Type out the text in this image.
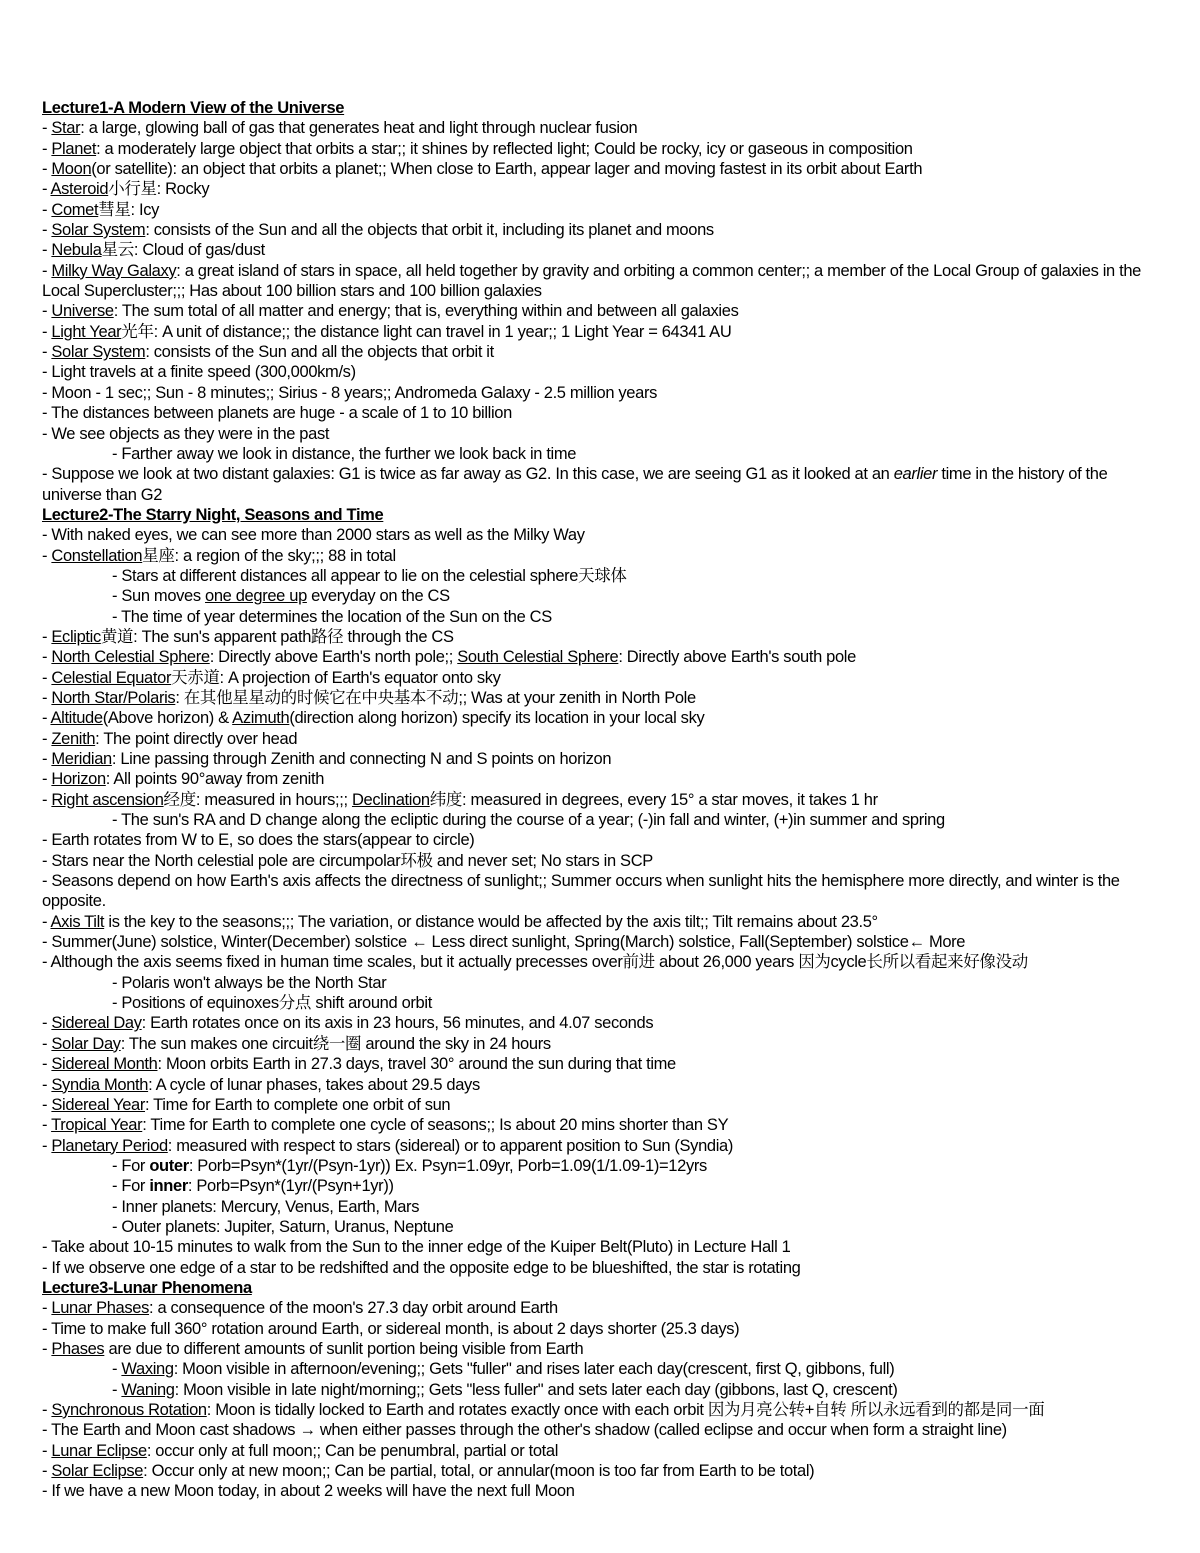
Lecture1-A Modern View of the Universe
- Star: a large, glowing ball of gas that generates heat and light through nuclear fusion
- Planet: a moderately large object that orbits a star;; it shines by reflected light; Could be rocky, icy or gaseous in composition
- Moon(or satellite): an object that orbits a planet;; When close to Earth, appear lager and moving fastest in its orbit about Earth
- Asteroid小行星: Rocky
- Comet彗星: Icy
- Solar System: consists of the Sun and all the objects that orbit it, including its planet and moons
- Nebula星云: Cloud of gas/dust
- Milky Way Galaxy: a great island of stars in space, all held together by gravity and orbiting a common center;; a member of the Local Group of galaxies in the Local Supercluster;;; Has about 100 billion stars and 100 billion galaxies
- Universe: The sum total of all matter and energy; that is, everything within and between all galaxies
- Light Year光年: A unit of distance;; the distance light can travel in 1 year;; 1 Light Year = 64341 AU
- Solar System: consists of the Sun and all the objects that orbit it
- Light travels at a finite speed (300,000km/s)
- Moon - 1 sec;; Sun - 8 minutes;; Sirius - 8 years;; Andromeda Galaxy - 2.5 million years
- The distances between planets are huge - a scale of 1 to 10 billion
- We see objects as they were in the past
- Farther away we look in distance, the further we look back in time
- Suppose we look at two distant galaxies: G1 is twice as far away as G2. In this case, we are seeing G1 as it looked at an earlier time in the history of the universe than G2
Lecture2-The Starry Night, Seasons and Time
- With naked eyes, we can see more than 2000 stars as well as the Milky Way
- Constellation星座: a region of the sky;;; 88 in total
- Stars at different distances all appear to lie on the celestial sphere天球体
- Sun moves one degree up everyday on the CS
- The time of year determines the location of the Sun on the CS
- Ecliptic黄道: The sun's apparent path路径 through the CS
- North Celestial Sphere: Directly above Earth's north pole;; South Celestial Sphere: Directly above Earth's south pole
- Celestial Equator天赤道: A projection of Earth's equator onto sky
- North Star/Polaris: 在其他星星动的时候它在中央基本不动;; Was at your zenith in North Pole
- Altitude(Above horizon) & Azimuth(direction along horizon) specify its location in your local sky
- Zenith: The point directly over head
- Meridian: Line passing through Zenith and connecting N and S points on horizon
- Horizon: All points 90°away from zenith
- Right ascension经度: measured in hours;;; Declination纬度: measured in degrees, every 15° a star moves, it takes 1 hr
- The sun's RA and D change along the ecliptic during the course of a year; (-)in fall and winter, (+)in summer and spring
- Earth rotates from W to E, so does the stars(appear to circle)
- Stars near the North celestial pole are circumpolar环极 and never set; No stars in SCP
- Seasons depend on how Earth's axis affects the directness of sunlight;; Summer occurs when sunlight hits the hemisphere more directly, and winter is the opposite.
- Axis Tilt is the key to the seasons;;; The variation, or distance would be affected by the axis tilt;; Tilt remains about 23.5°
- Summer(June) solstice, Winter(December) solstice ← Less direct sunlight, Spring(March) solstice, Fall(September) solstice← More
- Although the axis seems fixed in human time scales, but it actually precesses over前进 about 26,000 years 因为cycle长所以看起来好像没动
- Polaris won't always be the North Star
- Positions of equinoxes分点 shift around orbit
- Sidereal Day: Earth rotates once on its axis in 23 hours, 56 minutes, and 4.07 seconds
- Solar Day: The sun makes one circuit绕一圈 around the sky in 24 hours
- Sidereal Month: Moon orbits Earth in 27.3 days, travel 30° around the sun during that time
- Syndia Month: A cycle of lunar phases, takes about 29.5 days
- Sidereal Year: Time for Earth to complete one orbit of sun
- Tropical Year: Time for Earth to complete one cycle of seasons;; Is about 20 mins shorter than SY
- Planetary Period: measured with respect to stars (sidereal) or to apparent position to Sun (Syndia)
- For outer: Porb=Psyn*(1yr/(Psyn-1yr)) Ex. Psyn=1.09yr, Porb=1.09(1/1.09-1)=12yrs
- For inner: Porb=Psyn*(1yr/(Psyn+1yr))
- Inner planets: Mercury, Venus, Earth, Mars
- Outer planets: Jupiter, Saturn, Uranus, Neptune
- Take about 10-15 minutes to walk from the Sun to the inner edge of the Kuiper Belt(Pluto) in Lecture Hall 1
- If we observe one edge of a star to be redshifted and the opposite edge to be blueshifted, the star is rotating
Lecture3-Lunar Phenomena
- Lunar Phases: a consequence of the moon's 27.3 day orbit around Earth
- Time to make full 360° rotation around Earth, or sidereal month, is about 2 days shorter (25.3 days)
- Phases are due to different amounts of sunlit portion being visible from Earth
- Waxing: Moon visible in afternoon/evening;; Gets "fuller" and rises later each day(crescent, first Q, gibbons, full)
- Waning: Moon visible in late night/morning;; Gets "less fuller" and sets later each day (gibbons, last Q, crescent)
- Synchronous Rotation: Moon is tidally locked to Earth and rotates exactly once with each orbit 因为月亮公转+自转 所以永远看到的都是同一面
- The Earth and Moon cast shadows → when either passes through the other's shadow (called eclipse and occur when form a straight line)
- Lunar Eclipse: occur only at full moon;; Can be penumbral, partial or total
- Solar Eclipse: Occur only at new moon;; Can be partial, total, or annular(moon is too far from Earth to be total)
- If we have a new Moon today, in about 2 weeks will have the next full Moon
